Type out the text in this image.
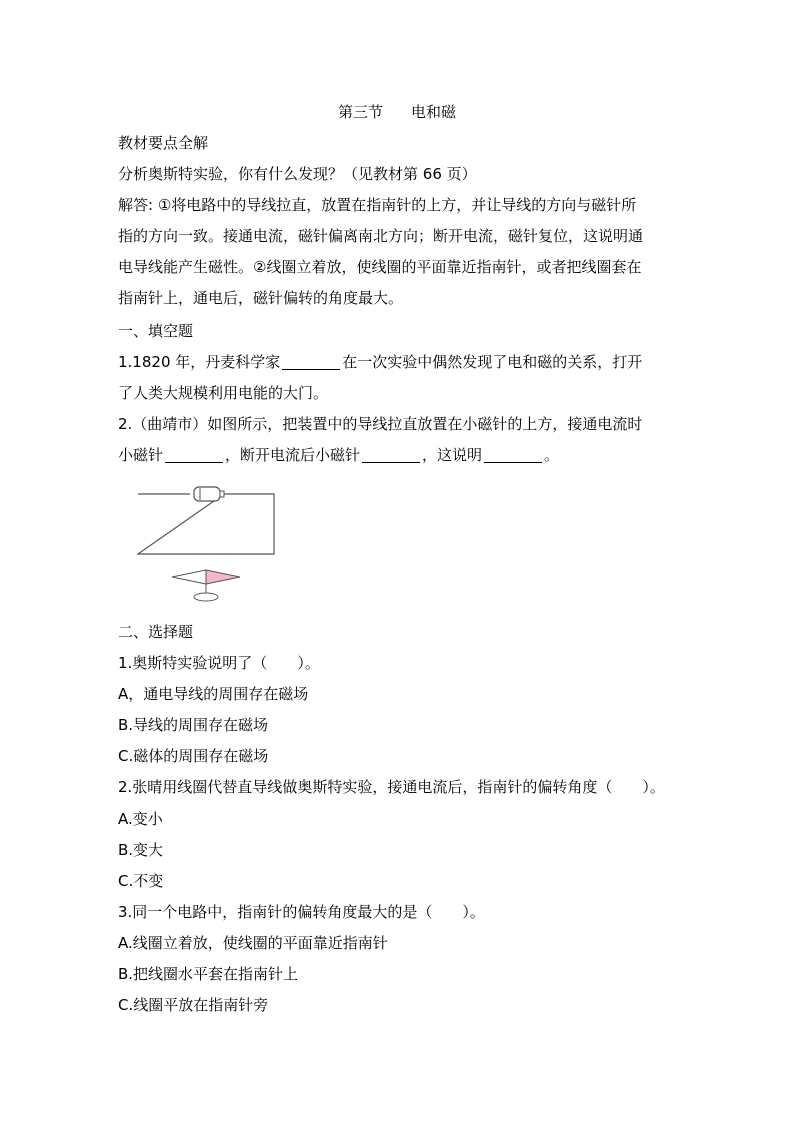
第三节 电和磁
教材要点全解
分析奥斯特实验，你有什么发现？（见教材第 66 页）
解答: ①将电路中的导线拉直，放置在指南针的上方，并让导线的方向与磁针所
指的方向一致。接通电流，磁针偏离南北方向；断开电流，磁针复位，这说明通
电导线能产生磁性。②线圈立着放，使线圈的平面靠近指南针，或者把线圈套在
指南针上，通电后，磁针偏转的角度最大。
一、填空题
1.1820 年，丹麦科学家	在一次实验中偶然发现了电和磁的关系，打开
了人类大规模利用电能的大门。
2.（曲靖市）如图所示，把装置中的导线拉直放置在小磁针的上方，接通电流时
小磁针	，断开电流后小磁针	，这说明	。
二、选择题
1.奥斯特实验说明了（　　）。
A，通电导线的周围存在磁场
B.导线的周围存在磁场
C.磁体的周围存在磁场
2.张晴用线圈代替直导线做奥斯特实验，接通电流后，指南针的偏转角度（　　）。
A.变小
B.变大
C.不变
3.同一个电路中，指南针的偏转角度最大的是（　　）。
A.线圈立着放，使线圈的平面靠近指南针
B.把线圈水平套在指南针上
C.线圈平放在指南针旁
